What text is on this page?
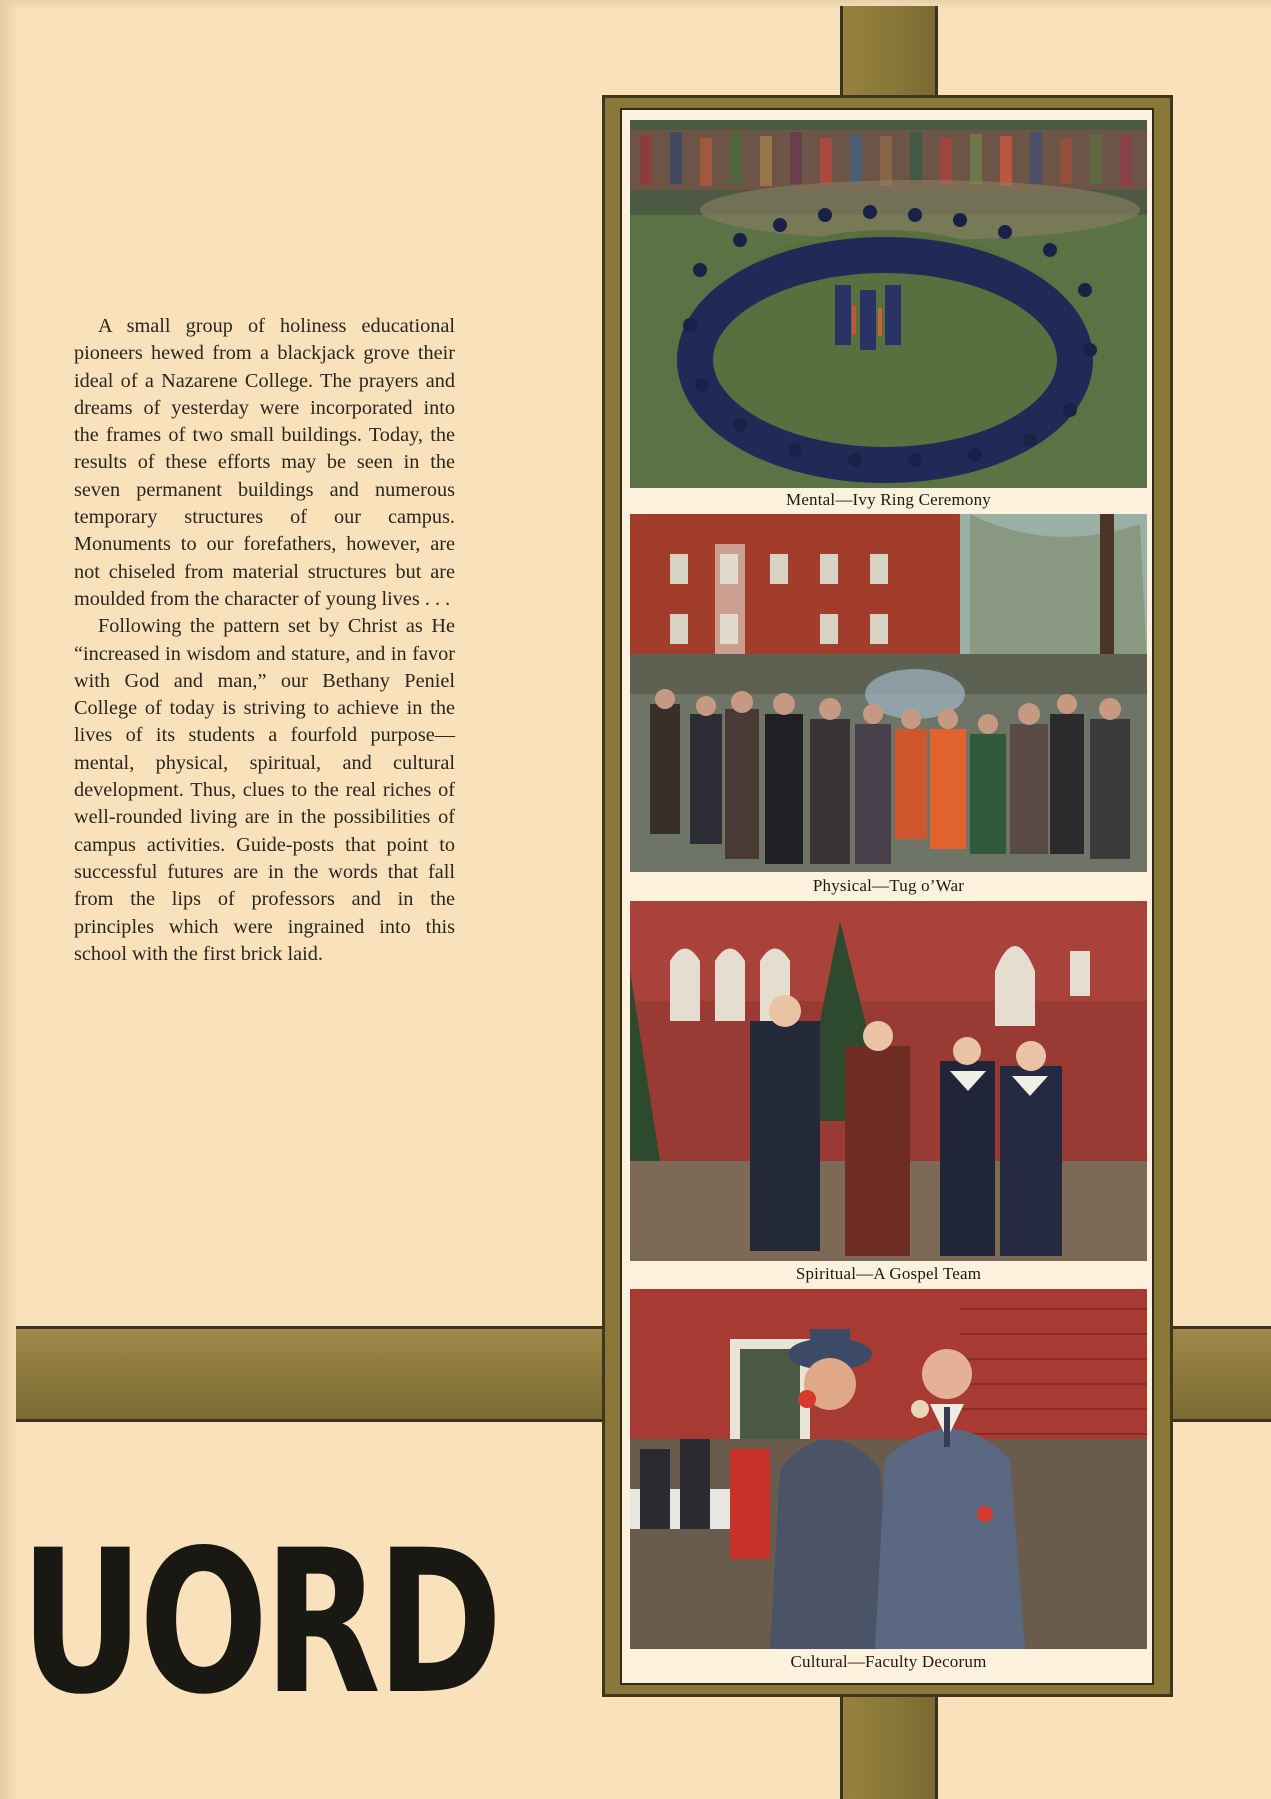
A small group of holiness educational pioneers hewed from a blackjack grove their ideal of a Nazarene College. The prayers and dreams of yesterday were incorporated into the frames of two small buildings. Today, the results of these efforts may be seen in the seven permanent buildings and numerous temporary structures of our campus. Monuments to our forefathers, however, are not chiseled from material structures but are moulded from the character of young lives . . .

Following the pattern set by Christ as He “increased in wisdom and stature, and in favor with God and man,” our Bethany Peniel College of today is striving to achieve in the lives of its students a fourfold purpose—mental, physical, spiritual, and cultural development. Thus, clues to the real riches of well-rounded living are in the possibilities of campus activities. Guide-posts that point to successful futures are in the words that fall from the lips of professors and in the principles which were ingrained into this school with the first brick laid.

Mental—Ivy Ring Ceremony
Physical—Tug o’War
Spiritual—A Gospel Team
Cultural—Faculty Decorum
UORD
